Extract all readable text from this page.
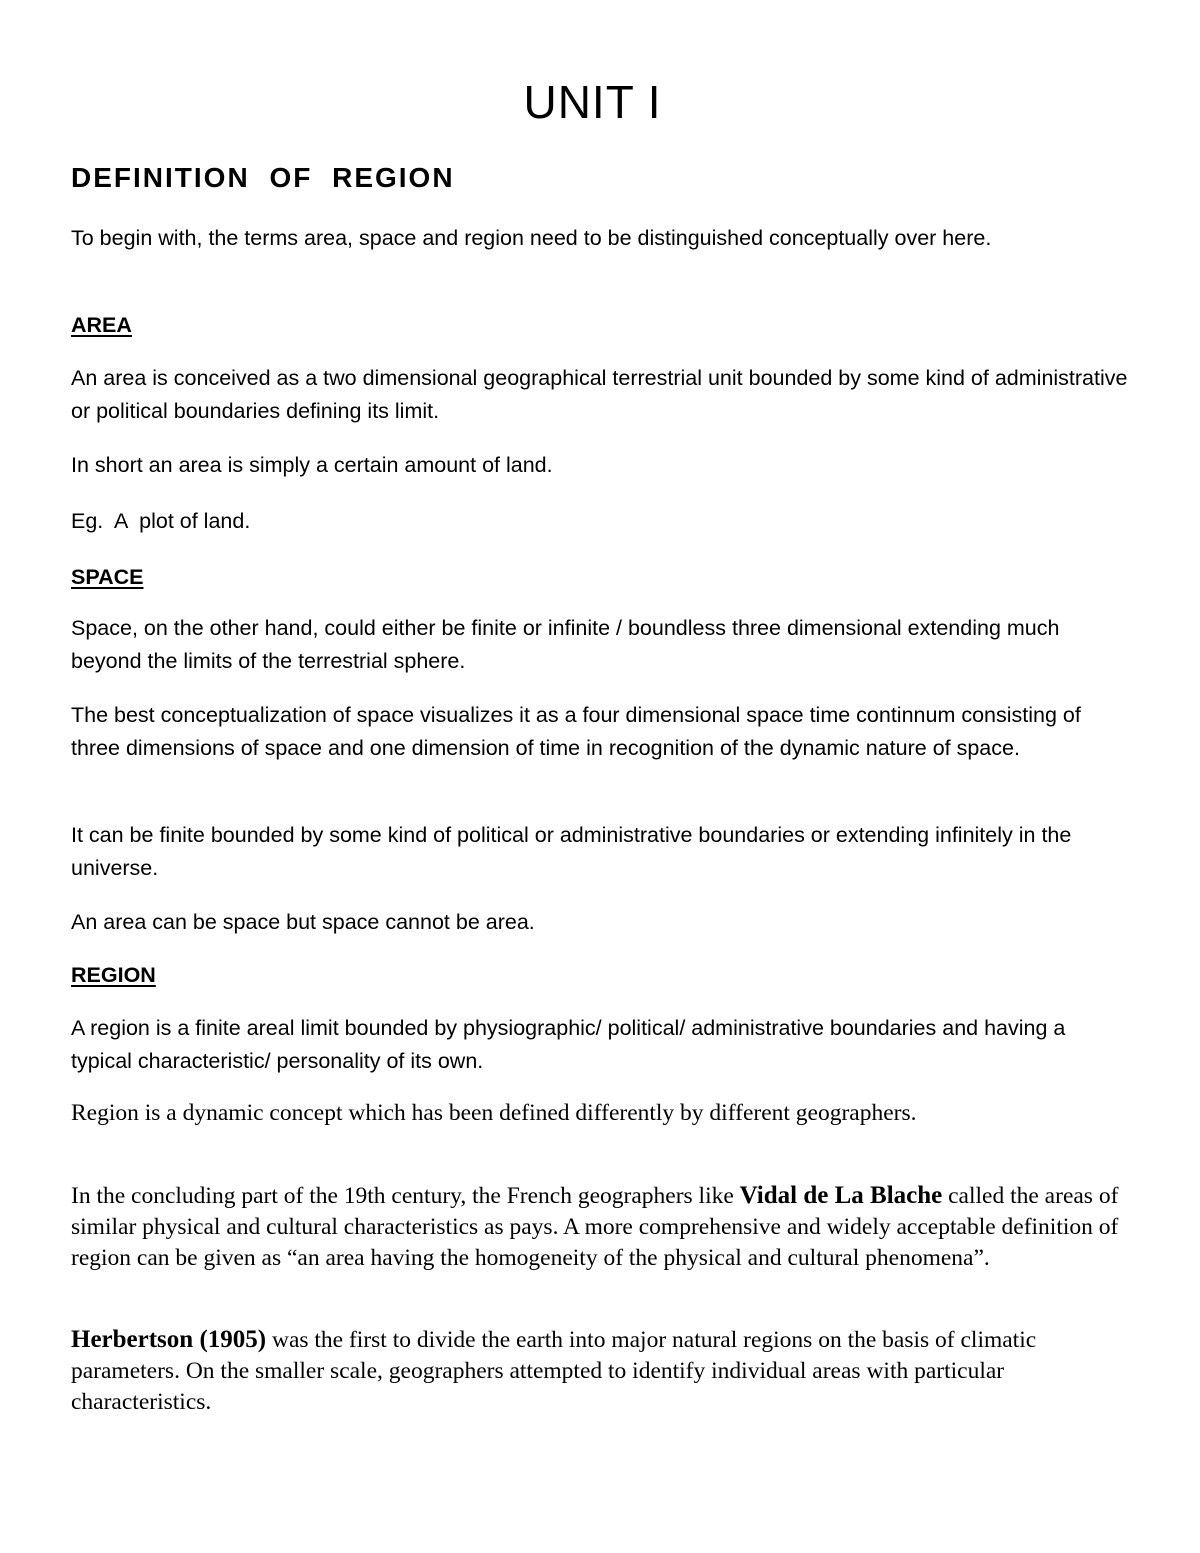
UNIT I
DEFINITION OF REGION

To begin with, the terms area, space and region need to be distinguished conceptually over here.

AREA

An area is conceived as a two dimensional geographical terrestrial unit bounded by some kind of administrative or political boundaries defining its limit.

In short an area is simply a certain amount of land.

Eg.  A  plot of land.

SPACE

Space, on the other hand, could either be finite or infinite / boundless three dimensional extending much beyond the limits of the terrestrial sphere.

The best conceptualization of space visualizes it as a four dimensional space time continnum consisting of three dimensions of space and one dimension of time in recognition of the dynamic nature of space.

It can be finite bounded by some kind of political or administrative boundaries or extending infinitely in the universe.

An area can be space but space cannot be area.

REGION

A region is a finite areal limit bounded by physiographic/ political/ administrative boundaries and having a typical characteristic/ personality of its own.

Region is a dynamic concept which has been defined differently by different geographers.

In the concluding part of the 19th century, the French geographers like Vidal de La Blache called the areas of similar physical and cultural characteristics as pays. A more comprehensive and widely acceptable definition of region can be given as “an area having the homogeneity of the physical and cultural phenomena”.

Herbertson (1905) was the first to divide the earth into major natural regions on the basis of climatic parameters. On the smaller scale, geographers attempted to identify individual areas with particular characteristics.
